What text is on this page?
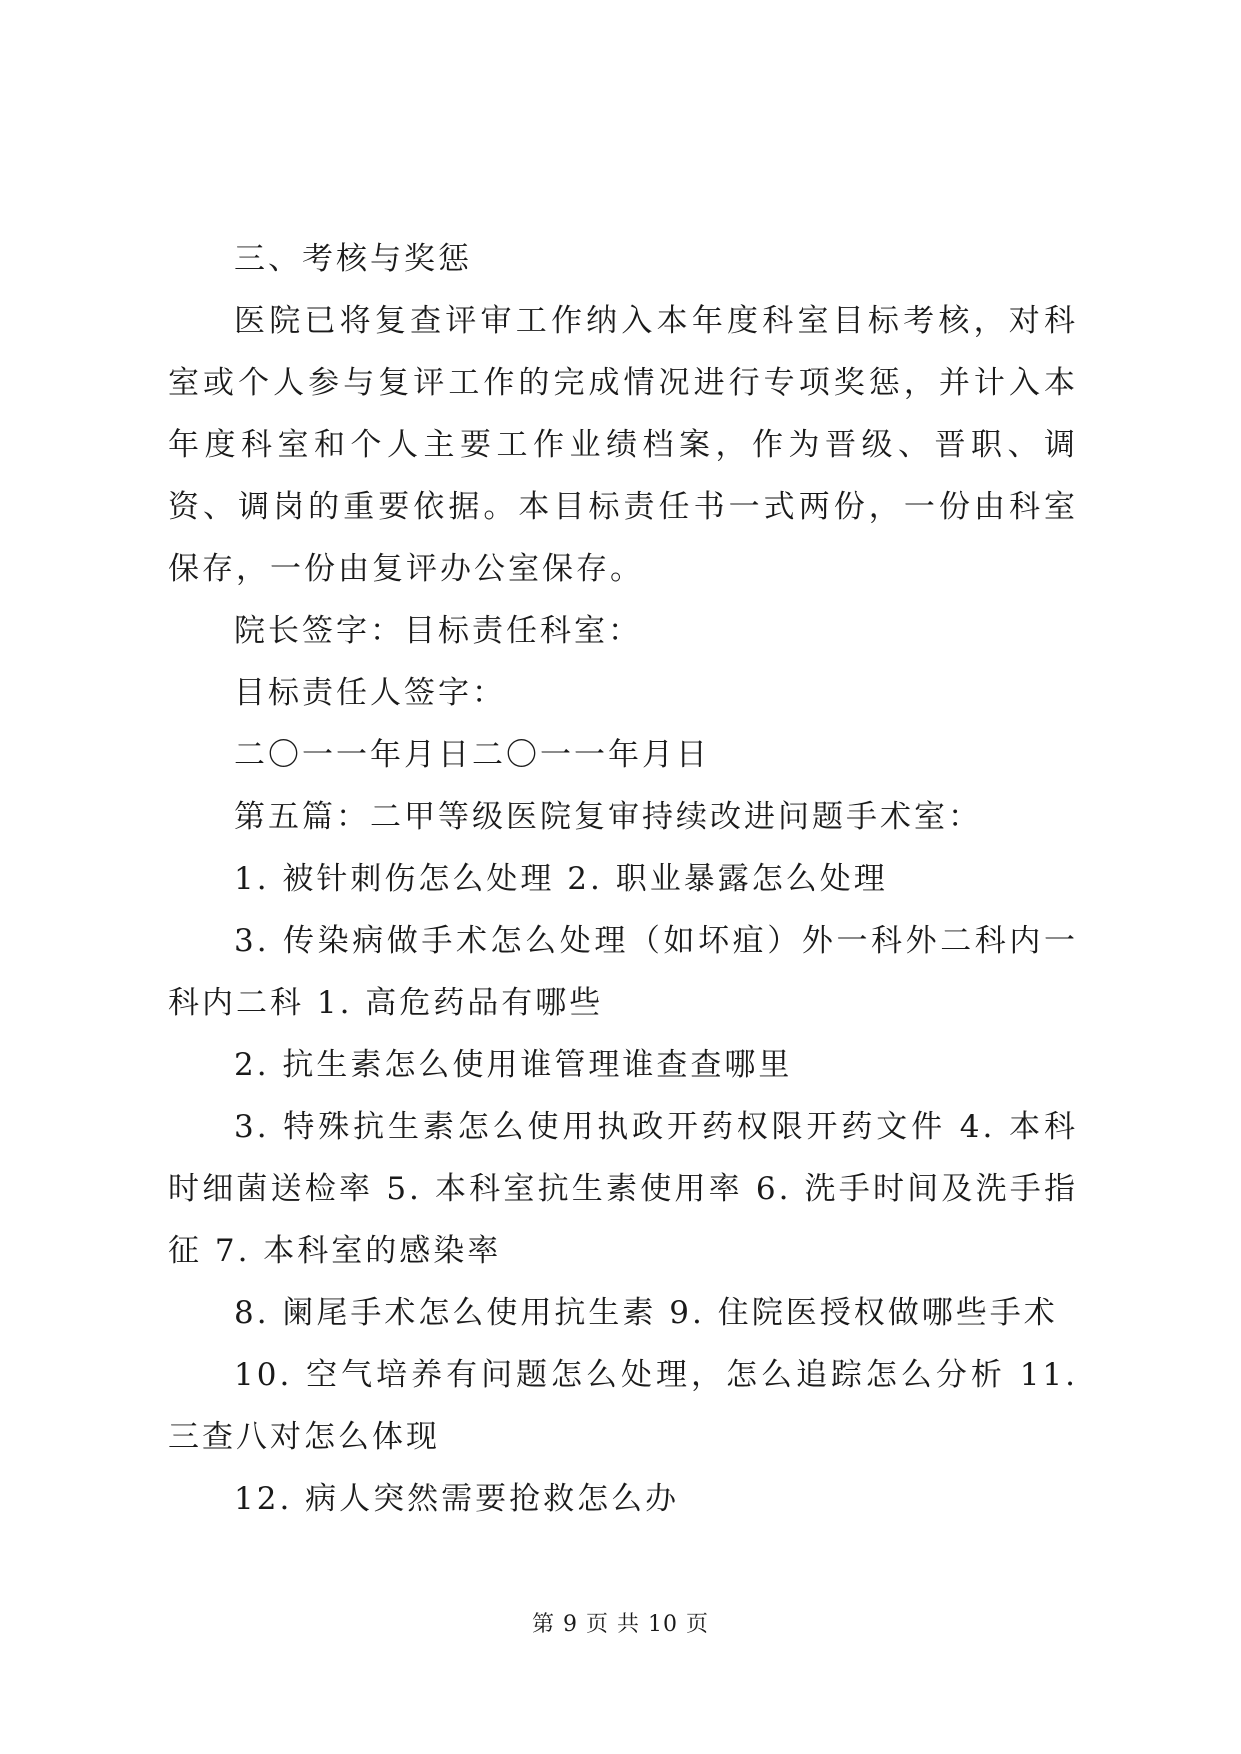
三、考核与奖惩

医院已将复查评审工作纳入本年度科室目标考核，对科室或个人参与复评工作的完成情况进行专项奖惩，并计入本年度科室和个人主要工作业绩档案，作为晋级、晋职、调资、调岗的重要依据。本目标责任书一式两份，一份由科室保存，一份由复评办公室保存。

院长签字：目标责任科室：

目标责任人签字：

二〇一一年月日二〇一一年月日

第五篇：二甲等级医院复审持续改进问题手术室：

1. 被针刺伤怎么处理 2. 职业暴露怎么处理

3. 传染病做手术怎么处理（如坏疽）外一科外二科内一科内二科 1. 高危药品有哪些

2. 抗生素怎么使用谁管理谁查查哪里

3. 特殊抗生素怎么使用执政开药权限开药文件 4. 本科时细菌送检率 5. 本科室抗生素使用率 6. 洗手时间及洗手指征 7. 本科室的感染率

8. 阑尾手术怎么使用抗生素 9. 住院医授权做哪些手术

10. 空气培养有问题怎么处理，怎么追踪怎么分析 11. 三查八对怎么体现

12. 病人突然需要抢救怎么办

第 9 页 共 10 页
